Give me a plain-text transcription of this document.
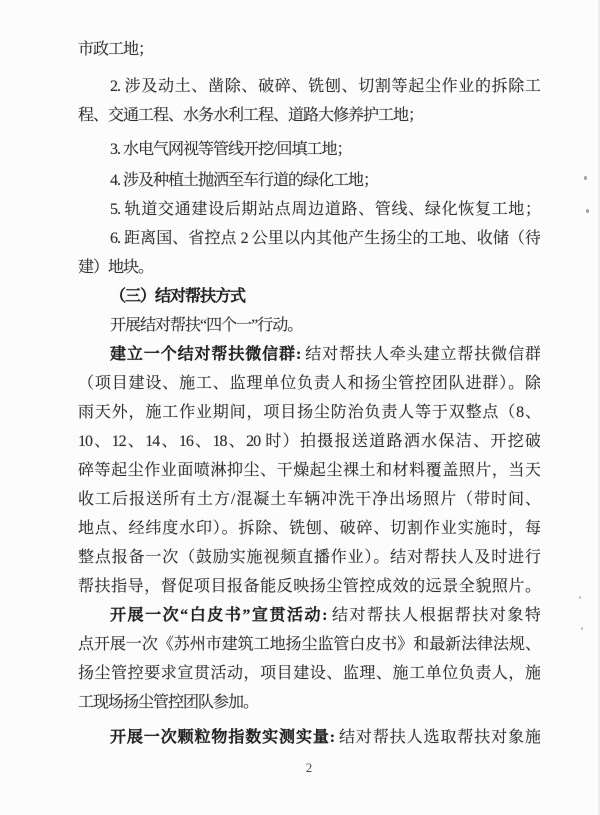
市政工地；
2. 涉及动土、凿除、破碎、铣刨、切割等起尘作业的拆除工
程、交通工程、水务水利工程、道路大修养护工地；
3. 水电气网视等管线开挖/回填工地；
4. 涉及种植土抛洒至车行道的绿化工地；
5. 轨道交通建设后期站点周边道路、管线、绿化恢复工地；
6. 距离国、省控点 2 公里以内其他产生扬尘的工地、收储（待
建）地块。
（三）结对帮扶方式
开展结对帮扶“四个一”行动。
建立一个结对帮扶微信群: 结对帮扶人牵头建立帮扶微信群
（项目建设、施工、监理单位负责人和扬尘管控团队进群）。除
雨天外，施工作业期间，项目扬尘防治负责人等于双整点（8、
10、12、14、16、18、20 时）拍摄报送道路洒水保洁、开挖破
碎等起尘作业面喷淋抑尘、干燥起尘裸土和材料覆盖照片，当天
收工后报送所有土方/混凝土车辆冲洗干净出场照片（带时间、
地点、经纬度水印）。拆除、铣刨、破碎、切割作业实施时，每
整点报备一次（鼓励实施视频直播作业）。结对帮扶人及时进行
帮扶指导，督促项目报备能反映扬尘管控成效的远景全貌照片。
开展一次“白皮书”宣贯活动: 结对帮扶人根据帮扶对象特
点开展一次《苏州市建筑工地扬尘监管白皮书》和最新法律法规、
扬尘管控要求宣贯活动，项目建设、监理、施工单位负责人，施
工现场扬尘管控团队参加。
开展一次颗粒物指数实测实量: 结对帮扶人选取帮扶对象施
2
